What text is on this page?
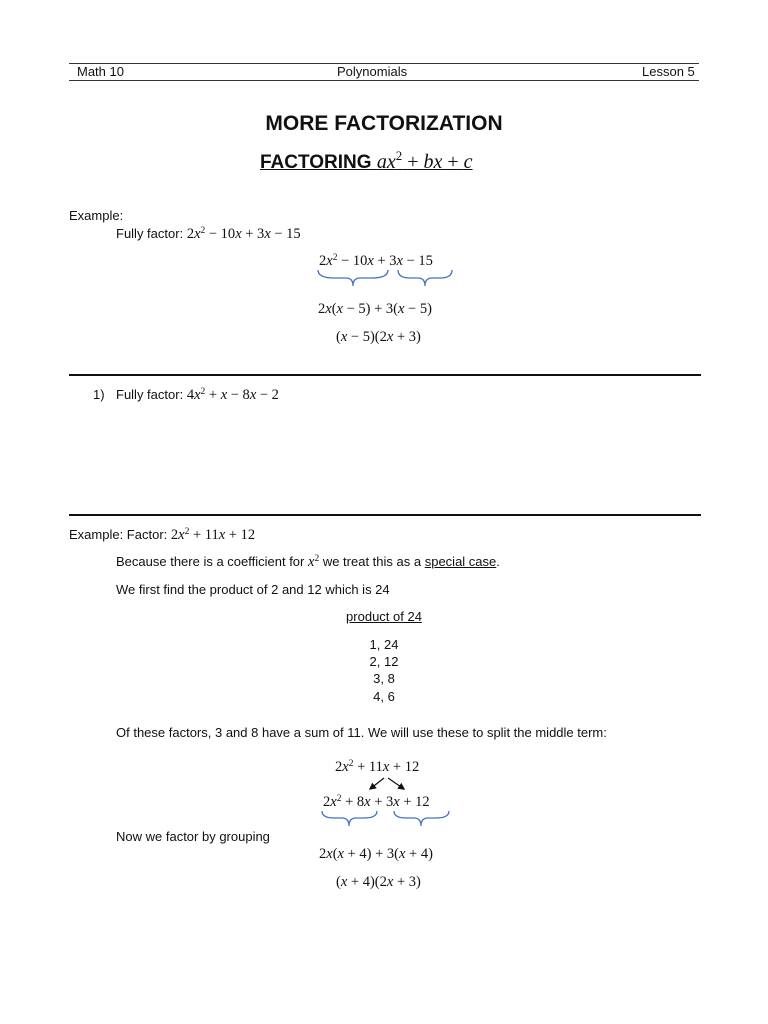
Math 10	Polynomials	Lesson 5
MORE FACTORIZATION
FACTORING $ax^2$ + bx + c
Example:
Fully factor: $2x^2 - 10x + 3x - 15$
$2x^2 - 10x + 3x - 15$
2x(x − 5) + 3(x − 5)
(x − 5)(2x + 3)
1) Fully factor: $4x^2 + x - 8x - 2$
Example: Factor: $2x^2 + 11x + 12$
Because there is a coefficient for $x^2$ we treat this as a special case.
We first find the product of 2 and 12 which is 24
product of 24
1, 24
2, 12
3, 8
4, 6
Of these factors, 3 and 8 have a sum of 11. We will use these to split the middle term:
$2x^2 + 11x + 12$
$2x^2 + 8x + 3x + 12$
Now we factor by grouping
2x(x + 4) + 3(x + 4)
(x + 4)(2x + 3)
